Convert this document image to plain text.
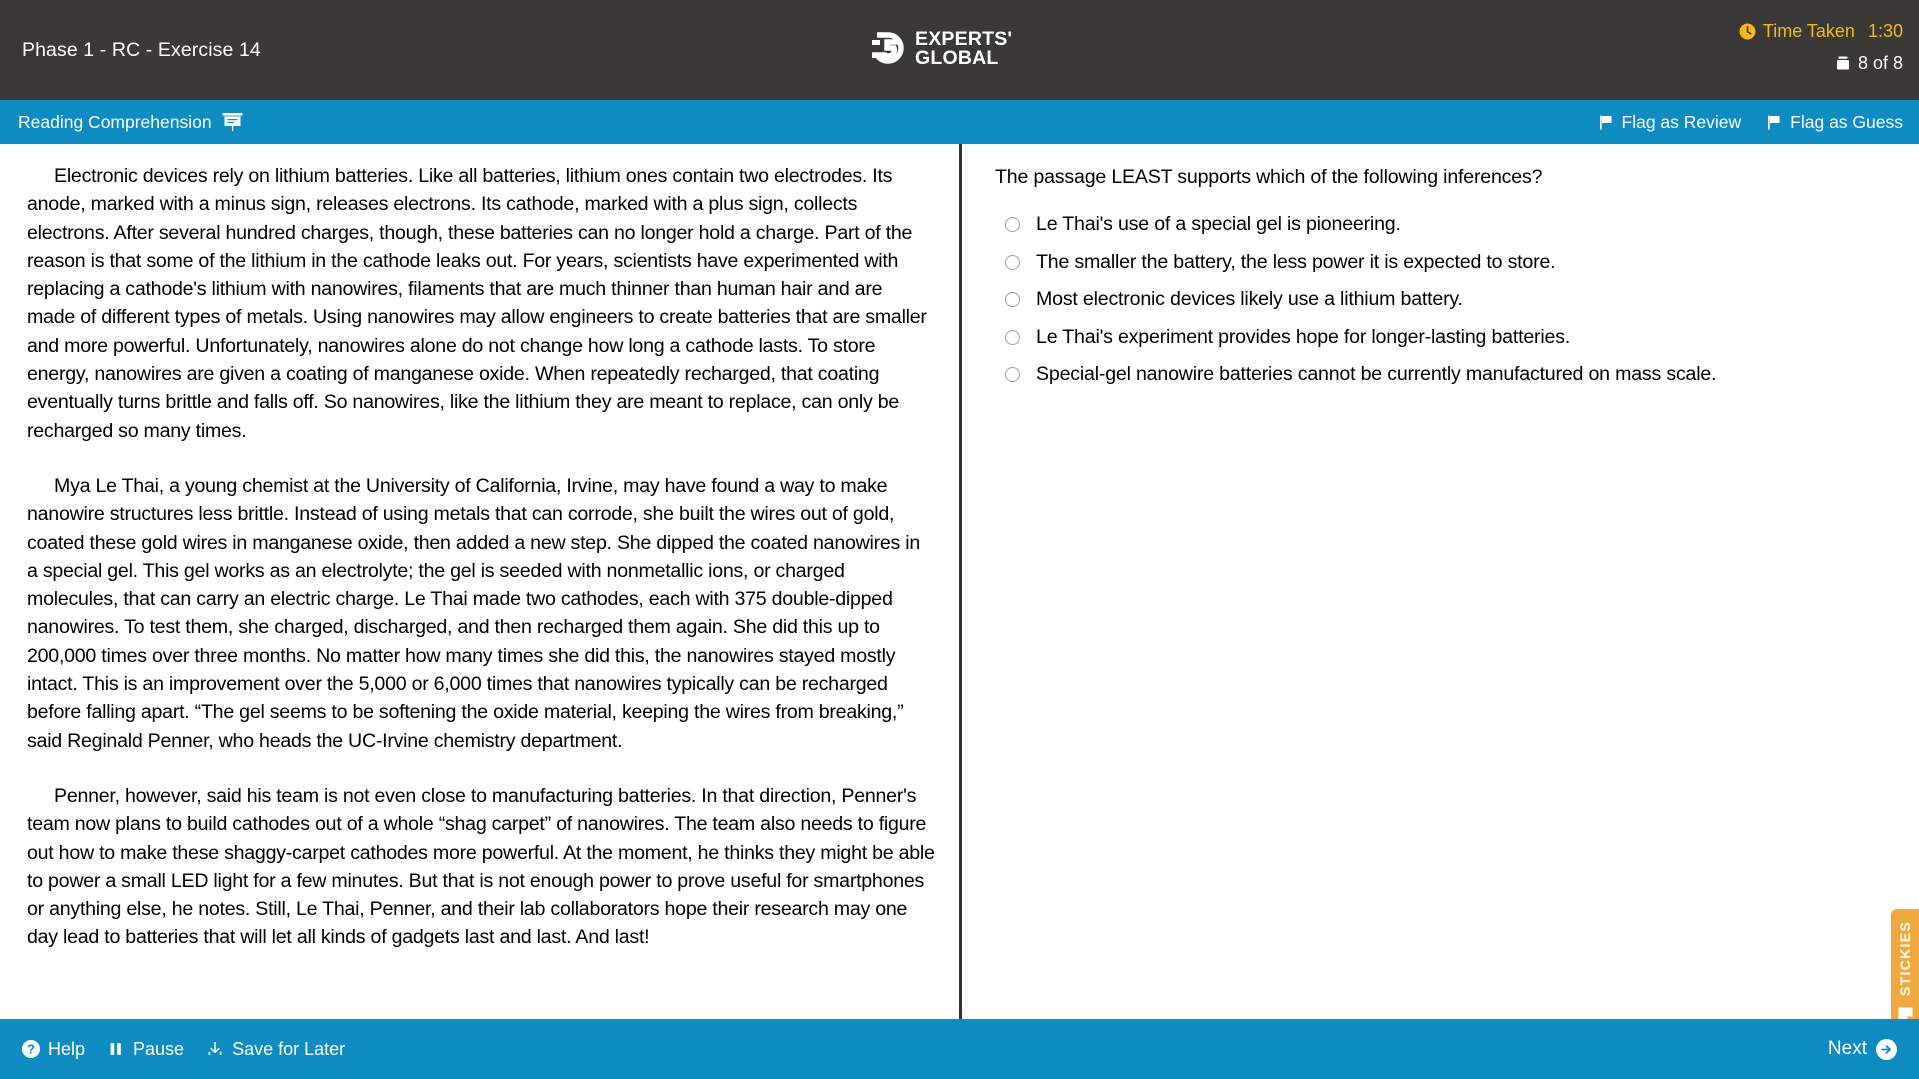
Phase 1 - RC - Exercise 14	EXPERTS'
GLOBAL
Time Taken 1:30
8 of 8
Reading Comprehension	Flag as Review	Flag as Guess

Electronic devices rely on lithium batteries. Like all batteries, lithium ones contain two electrodes. Its anode, marked with a minus sign, releases electrons. Its cathode, marked with a plus sign, collects electrons. After several hundred charges, though, these batteries can no longer hold a charge. Part of the reason is that some of the lithium in the cathode leaks out. For years, scientists have experimented with replacing a cathode's lithium with nanowires, filaments that are much thinner than human hair and are made of different types of metals. Using nanowires may allow engineers to create batteries that are smaller and more powerful. Unfortunately, nanowires alone do not change how long a cathode lasts. To store energy, nanowires are given a coating of manganese oxide. When repeatedly recharged, that coating eventually turns brittle and falls off. So nanowires, like the lithium they are meant to replace, can only be recharged so many times.

Mya Le Thai, a young chemist at the University of California, Irvine, may have found a way to make nanowire structures less brittle. Instead of using metals that can corrode, she built the wires out of gold, coated these gold wires in manganese oxide, then added a new step. She dipped the coated nanowires in a special gel. This gel works as an electrolyte; the gel is seeded with nonmetallic ions, or charged molecules, that can carry an electric charge. Le Thai made two cathodes, each with 375 double-dipped nanowires. To test them, she charged, discharged, and then recharged them again. She did this up to 200,000 times over three months. No matter how many times she did this, the nanowires stayed mostly intact. This is an improvement over the 5,000 or 6,000 times that nanowires typically can be recharged before falling apart. “The gel seems to be softening the oxide material, keeping the wires from breaking,” said Reginald Penner, who heads the UC-Irvine chemistry department.

Penner, however, said his team is not even close to manufacturing batteries. In that direction, Penner's team now plans to build cathodes out of a whole “shag carpet” of nanowires. The team also needs to figure out how to make these shaggy-carpet cathodes more powerful. At the moment, he thinks they might be able to power a small LED light for a few minutes. But that is not enough power to prove useful for smartphones or anything else, he notes. Still, Le Thai, Penner, and their lab collaborators hope their research may one day lead to batteries that will let all kinds of gadgets last and last. And last!

The passage LEAST supports which of the following inferences?
Le Thai's use of a special gel is pioneering.
The smaller the battery, the less power it is expected to store.
Most electronic devices likely use a lithium battery.
Le Thai's experiment provides hope for longer-lasting batteries.
Special-gel nanowire batteries cannot be currently manufactured on mass scale.
STICKIES
? Help	Pause	Save for Later	Next
